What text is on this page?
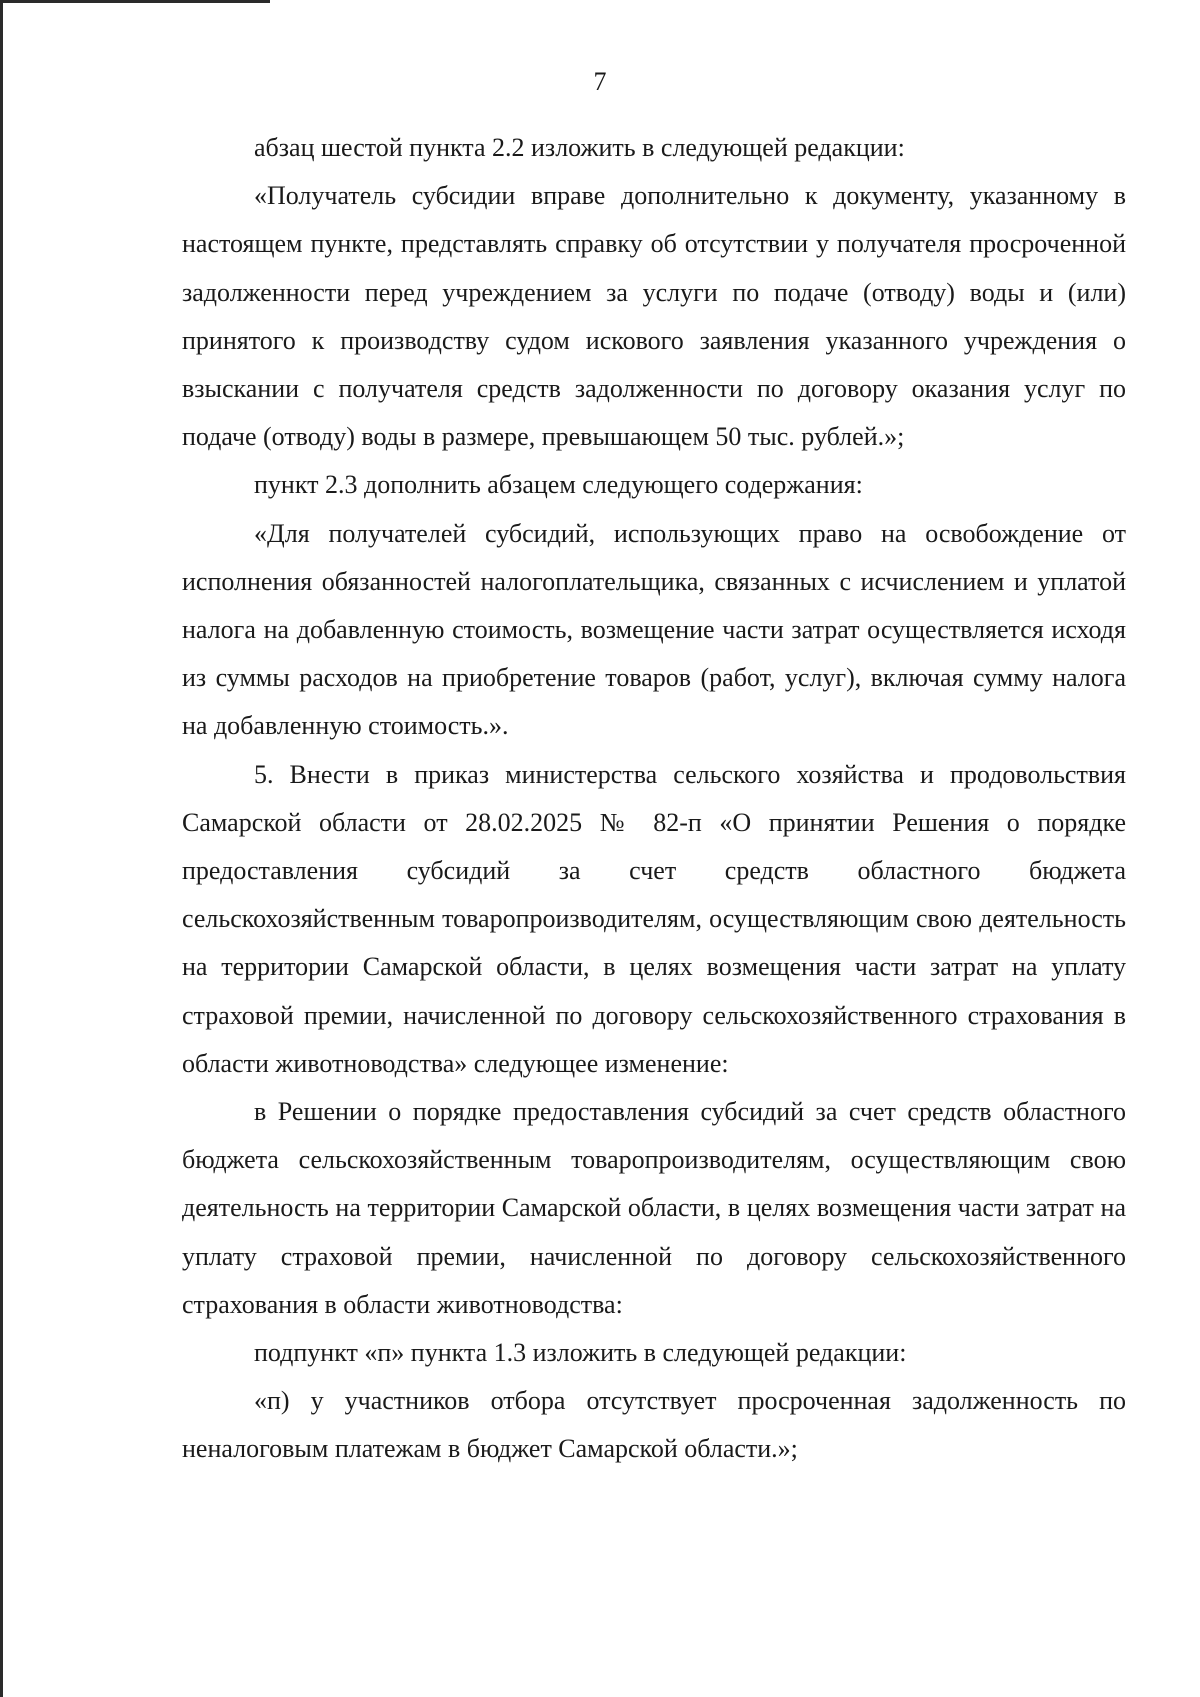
7

абзац шестой пункта 2.2 изложить в следующей редакции:

«Получатель субсидии вправе дополнительно к документу, указанному в настоящем пункте, представлять справку об отсутствии у получателя просроченной задолженности перед учреждением за услуги по подаче (отводу) воды и (или) принятого к производству судом искового заявления указанного учреждения о взыскании с получателя средств задолженности по договору оказания услуг по подаче (отводу) воды в размере, превышающем 50 тыс. рублей.»;

пункт 2.3 дополнить абзацем следующего содержания:

«Для получателей субсидий, использующих право на освобождение от исполнения обязанностей налогоплательщика, связанных с исчислением и уплатой налога на добавленную стоимость, возмещение части затрат осуществляется исходя из суммы расходов на приобретение товаров (работ, услуг), включая сумму налога на добавленную стоимость.».

5. Внести в приказ министерства сельского хозяйства и продовольствия Самарской области от 28.02.2025 № 82-п «О принятии Решения о порядке предоставления субсидий за счет средств областного бюджета сельскохозяйственным товаропроизводителям, осуществляющим свою деятельность на территории Самарской области, в целях возмещения части затрат на уплату страховой премии, начисленной по договору сельскохозяйственного страхования в области животноводства» следующее изменение:

в Решении о порядке предоставления субсидий за счет средств областного бюджета сельскохозяйственным товаропроизводителям, осуществляющим свою деятельность на территории Самарской области, в целях возмещения части затрат на уплату страховой премии, начисленной по договору сельскохозяйственного страхования в области животноводства:

подпункт «п» пункта 1.3 изложить в следующей редакции:

«п) у участников отбора отсутствует просроченная задолженность по неналоговым платежам в бюджет Самарской области.»;
